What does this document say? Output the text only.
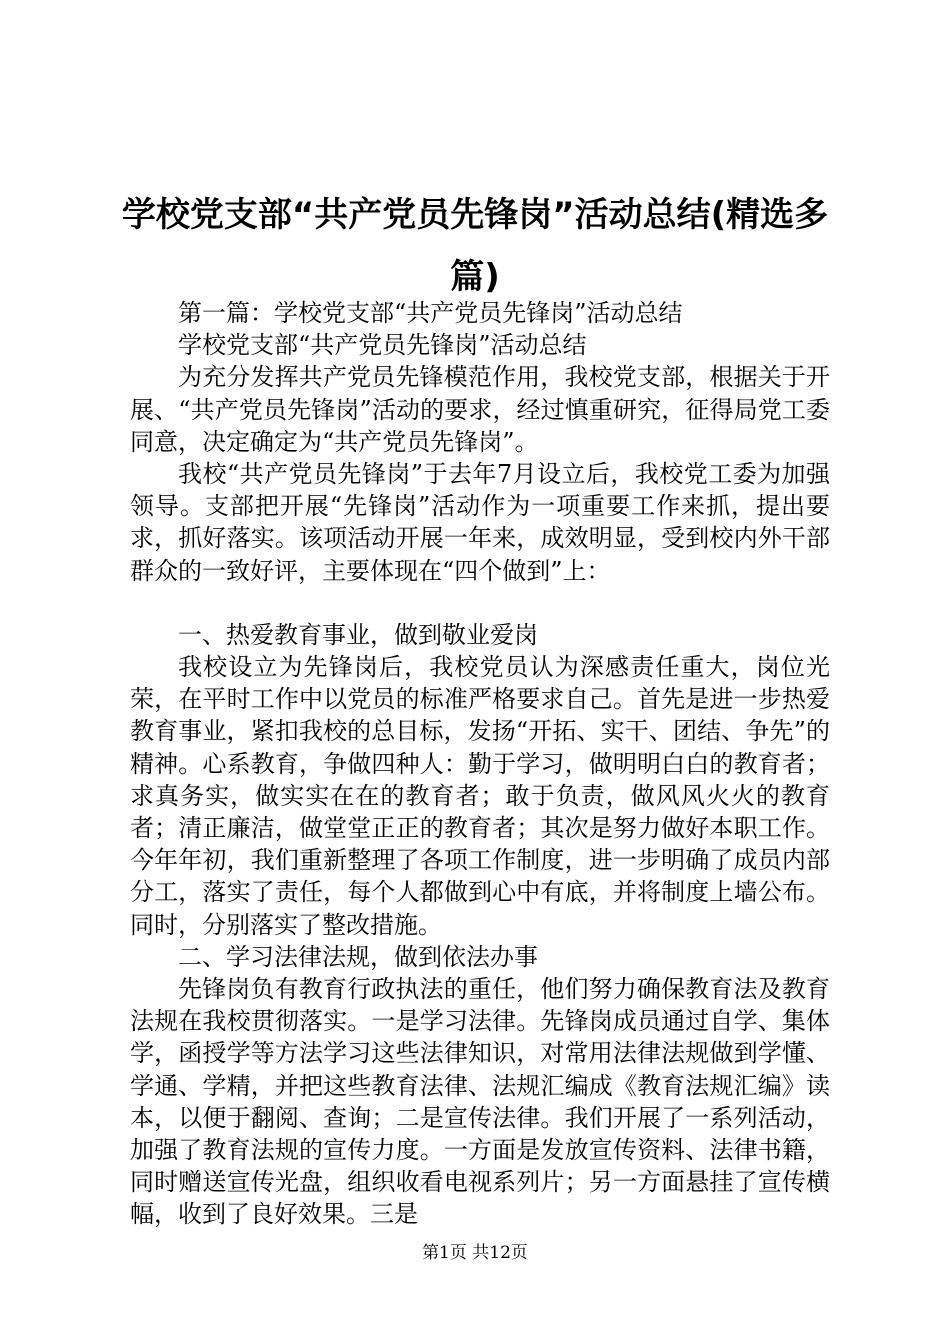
学校党支部“共产党员先锋岗”活动总结(精选多篇)

第一篇：学校党支部“共产党员先锋岗”活动总结

学校党支部“共产党员先锋岗”活动总结

为充分发挥共产党员先锋模范作用，我校党支部，根据关于开展、“共产党员先锋岗”活动的要求，经过慎重研究，征得局党工委同意，决定确定为“共产党员先锋岗”。

我校“共产党员先锋岗”于去年7月设立后，我校党工委为加强领导。支部把开展“先锋岗”活动作为一项重要工作来抓，提出要求，抓好落实。该项活动开展一年来，成效明显，受到校内外干部群众的一致好评，主要体现在“四个做到”上：

一、热爱教育事业，做到敬业爱岗

我校设立为先锋岗后，我校党员认为深感责任重大，岗位光荣，在平时工作中以党员的标准严格要求自己。首先是进一步热爱教育事业，紧扣我校的总目标，发扬“开拓、实干、团结、争先”的精神。心系教育，争做四种人：勤于学习，做明明白白的教育者；求真务实，做实实在在的教育者；敢于负责，做风风火火的教育者；清正廉洁，做堂堂正正的教育者；其次是努力做好本职工作。今年年初，我们重新整理了各项工作制度，进一步明确了成员内部分工，落实了责任，每个人都做到心中有底，并将制度上墙公布。同时，分别落实了整改措施。

二、学习法律法规，做到依法办事

先锋岗负有教育行政执法的重任，他们努力确保教育法及教育法规在我校贯彻落实。一是学习法律。先锋岗成员通过自学、集体学，函授学等方法学习这些法律知识，对常用法律法规做到学懂、学通、学精，并把这些教育法律、法规汇编成《教育法规汇编》读本，以便于翻阅、查询；二是宣传法律。我们开展了一系列活动，加强了教育法规的宣传力度。一方面是发放宣传资料、法律书籍，同时赠送宣传光盘，组织收看电视系列片；另一方面悬挂了宣传横幅，收到了良好效果。三是

第1页 共12页
